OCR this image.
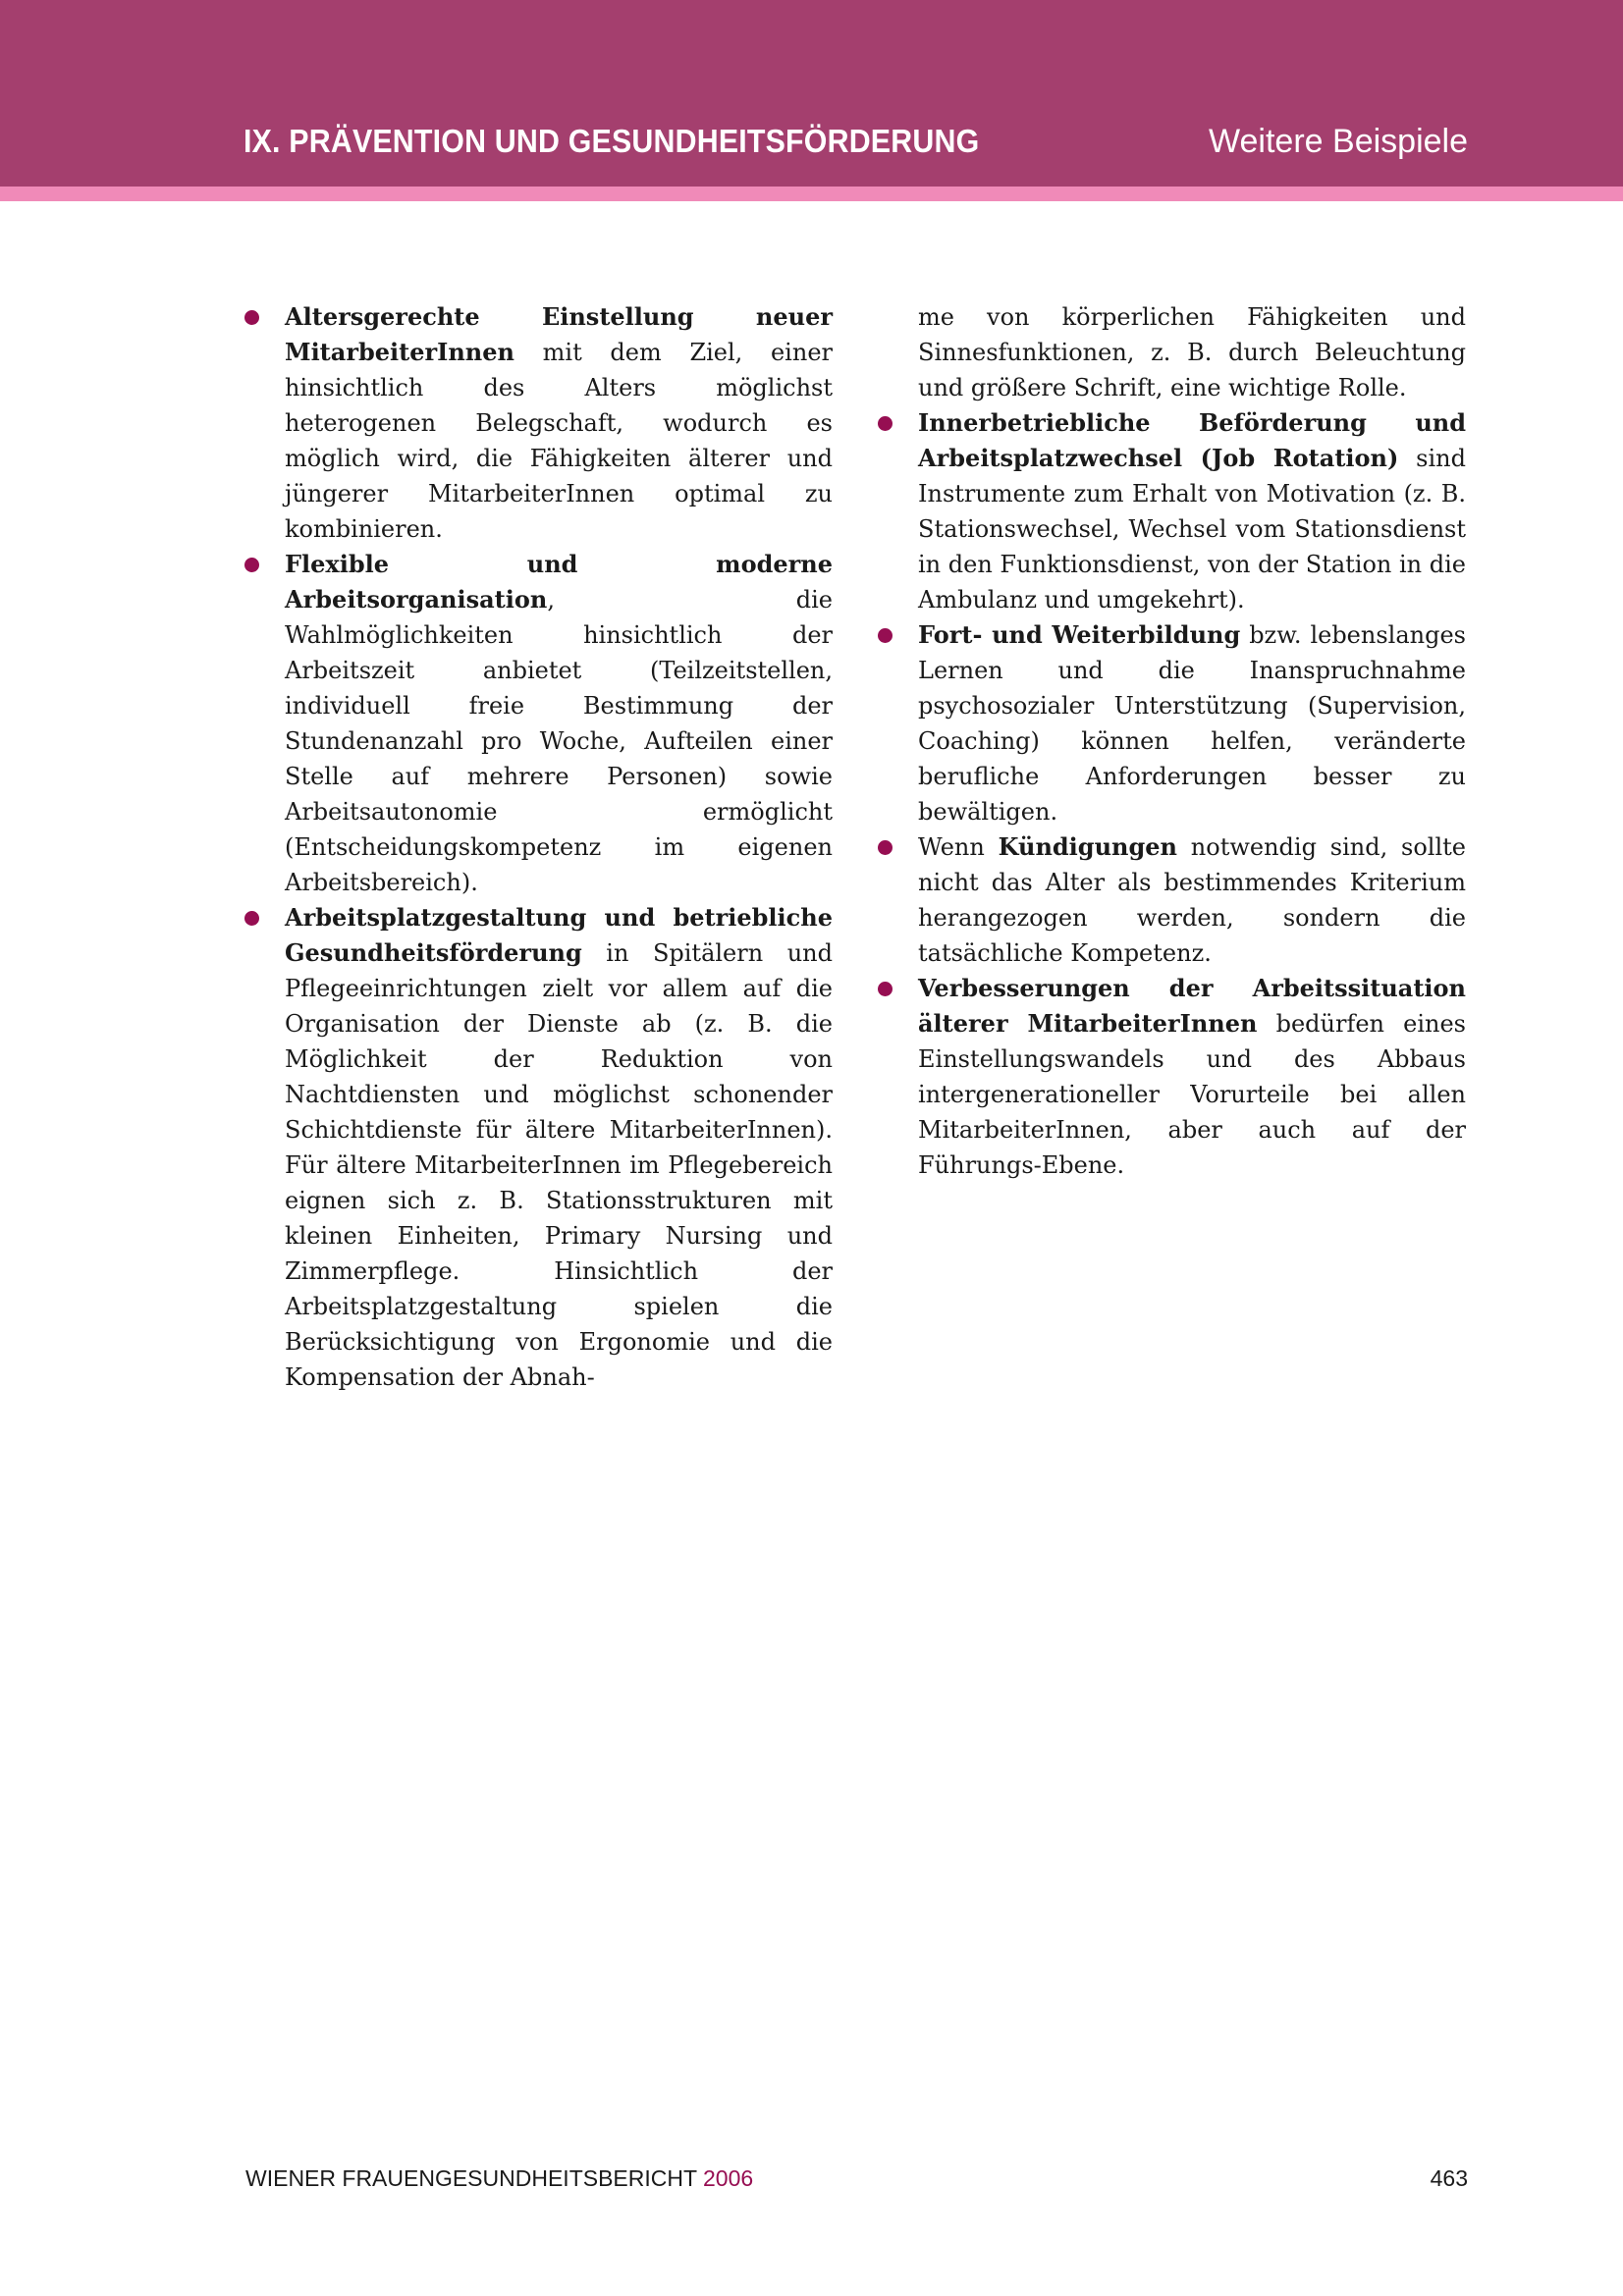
IX. PRÄVENTION UND GESUNDHEITSFÖRDERUNG	Weitere Beispiele
Altersgerechte Einstellung neuer MitarbeiterInnen mit dem Ziel, einer hinsichtlich des Alters möglichst heterogenen Belegschaft, wodurch es möglich wird, die Fähigkeiten älterer und jüngerer MitarbeiterInnen optimal zu kombinieren.
Flexible und moderne Arbeitsorganisation, die Wahlmöglichkeiten hinsichtlich der Arbeitszeit anbietet (Teilzeitstellen, individuell freie Bestimmung der Stundenanzahl pro Woche, Aufteilen einer Stelle auf mehrere Personen) sowie Arbeitsautonomie ermöglicht (Entscheidungskompetenz im eigenen Arbeitsbereich).
Arbeitsplatzgestaltung und betriebliche Gesundheitsförderung in Spitälern und Pflegeeinrichtungen zielt vor allem auf die Organisation der Dienste ab (z. B. die Möglichkeit der Reduktion von Nachtdiensten und möglichst schonender Schichtdienste für ältere MitarbeiterInnen). Für ältere MitarbeiterInnen im Pflegebereich eignen sich z. B. Stationsstrukturen mit kleinen Einheiten, Primary Nursing und Zimmerpflege. Hinsichtlich der Arbeitsplatzgestaltung spielen die Berücksichtigung von Ergonomie und die Kompensation der Abnah-
me von körperlichen Fähigkeiten und Sinnesfunktionen, z. B. durch Beleuchtung und größere Schrift, eine wichtige Rolle.
Innerbetriebliche Beförderung und Arbeitsplatzwechsel (Job Rotation) sind Instrumente zum Erhalt von Motivation (z. B. Stationswechsel, Wechsel vom Stationsdienst in den Funktionsdienst, von der Station in die Ambulanz und umgekehrt).
Fort- und Weiterbildung bzw. lebenslanges Lernen und die Inanspruchnahme psychosozialer Unterstützung (Supervision, Coaching) können helfen, veränderte berufliche Anforderungen besser zu bewältigen.
Wenn Kündigungen notwendig sind, sollte nicht das Alter als bestimmendes Kriterium herangezogen werden, sondern die tatsächliche Kompetenz.
Verbesserungen der Arbeitssituation älterer MitarbeiterInnen bedürfen eines Einstellungswandels und des Abbaus intergenerationeller Vorurteile bei allen MitarbeiterInnen, aber auch auf der Führungs-Ebene.
WIENER FRAUENGESUNDHEITSBERICHT 2006	463
